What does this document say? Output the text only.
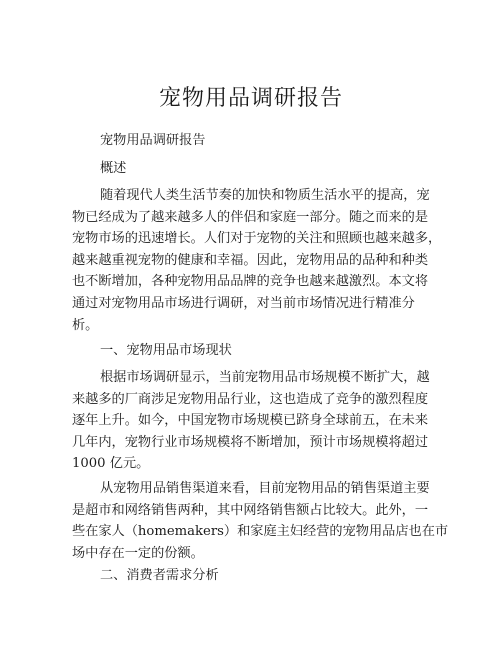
宠物用品调研报告

宠物用品调研报告

概述

随着现代人类生活节奏的加快和物质生活水平的提高，宠
物已经成为了越来越多人的伴侣和家庭一部分。随之而来的是
宠物市场的迅速增长。人们对于宠物的关注和照顾也越来越多，
越来越重视宠物的健康和幸福。因此，宠物用品的品种和种类
也不断增加，各种宠物用品品牌的竞争也越来越激烈。本文将
通过对宠物用品市场进行调研，对当前市场情况进行精准分
析。

一、宠物用品市场现状

根据市场调研显示，当前宠物用品市场规模不断扩大，越
来越多的厂商涉足宠物用品行业，这也造成了竞争的激烈程度
逐年上升。如今，中国宠物市场规模已跻身全球前五，在未来
几年内，宠物行业市场规模将不断增加，预计市场规模将超过
1000 亿元。

从宠物用品销售渠道来看，目前宠物用品的销售渠道主要
是超市和网络销售两种，其中网络销售额占比较大。此外，一
些在家人（homemakers）和家庭主妇经营的宠物用品店也在市
场中存在一定的份额。

二、消费者需求分析
